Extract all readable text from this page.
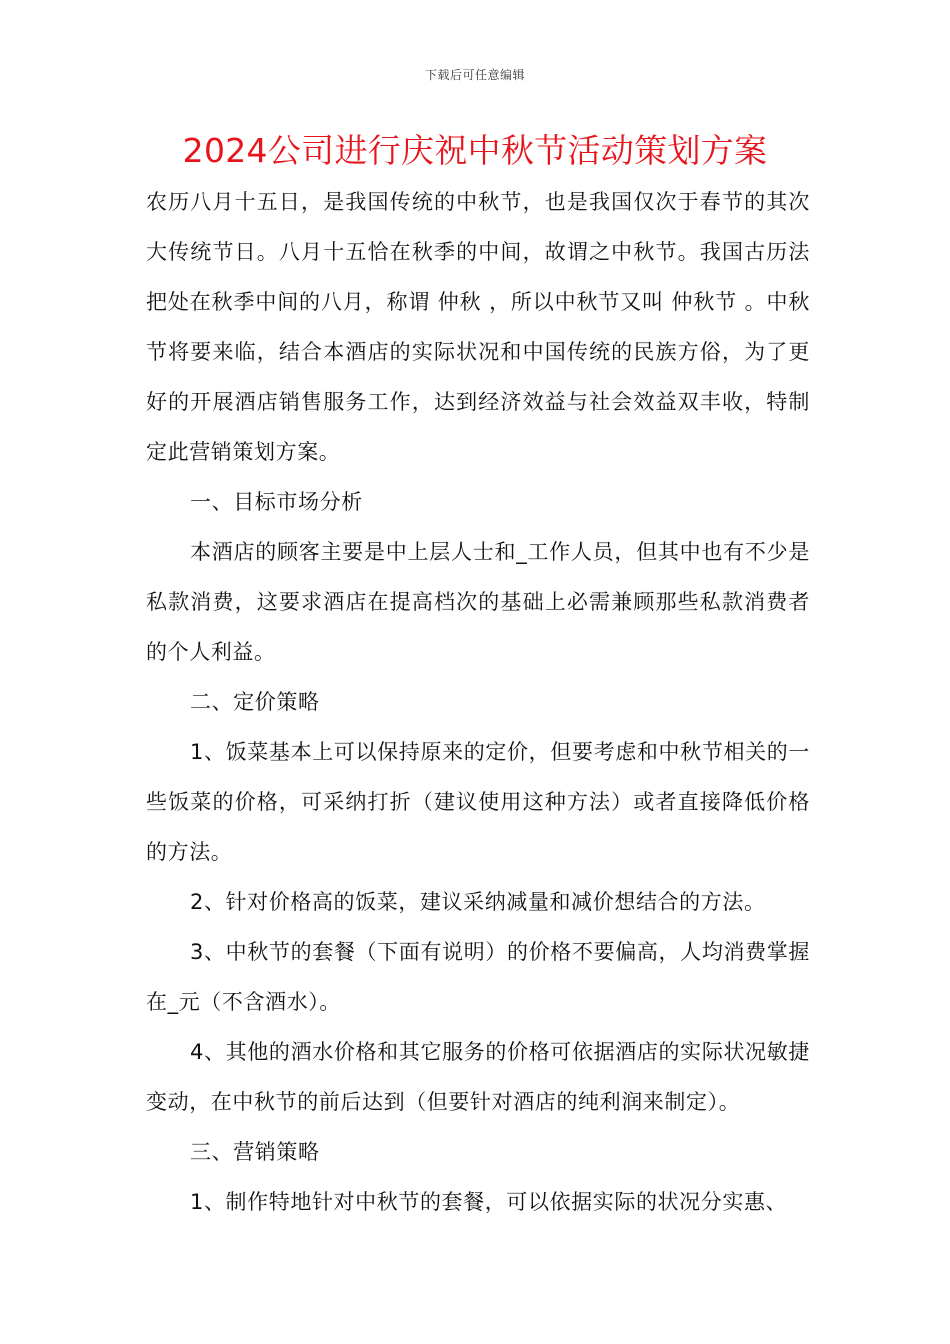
下载后可任意编辑
2024公司进行庆祝中秋节活动策划方案

农历八月十五日，是我国传统的中秋节，也是我国仅次于春节的其次大传统节日。八月十五恰在秋季的中间，故谓之中秋节。我国古历法把处在秋季中间的八月，称谓 仲秋 ，所以中秋节又叫 仲秋节 。中秋节将要来临，结合本酒店的实际状况和中国传统的民族方俗，为了更好的开展酒店销售服务工作，达到经济效益与社会效益双丰收，特制定此营销策划方案。

一、目标市场分析

本酒店的顾客主要是中上层人士和_工作人员，但其中也有不少是私款消费，这要求酒店在提高档次的基础上必需兼顾那些私款消费者的个人利益。

二、定价策略

1、饭菜基本上可以保持原来的定价，但要考虑和中秋节相关的一些饭菜的价格，可采纳打折（建议使用这种方法）或者直接降低价格的方法。

2、针对价格高的饭菜，建议采纳减量和减价想结合的方法。

3、中秋节的套餐（下面有说明）的价格不要偏高，人均消费掌握在_元（不含酒水）。

4、其他的酒水价格和其它服务的价格可依据酒店的实际状况敏捷变动，在中秋节的前后达到（但要针对酒店的纯利润来制定）。

三、营销策略

1、制作特地针对中秋节的套餐，可以依据实际的状况分实惠、
